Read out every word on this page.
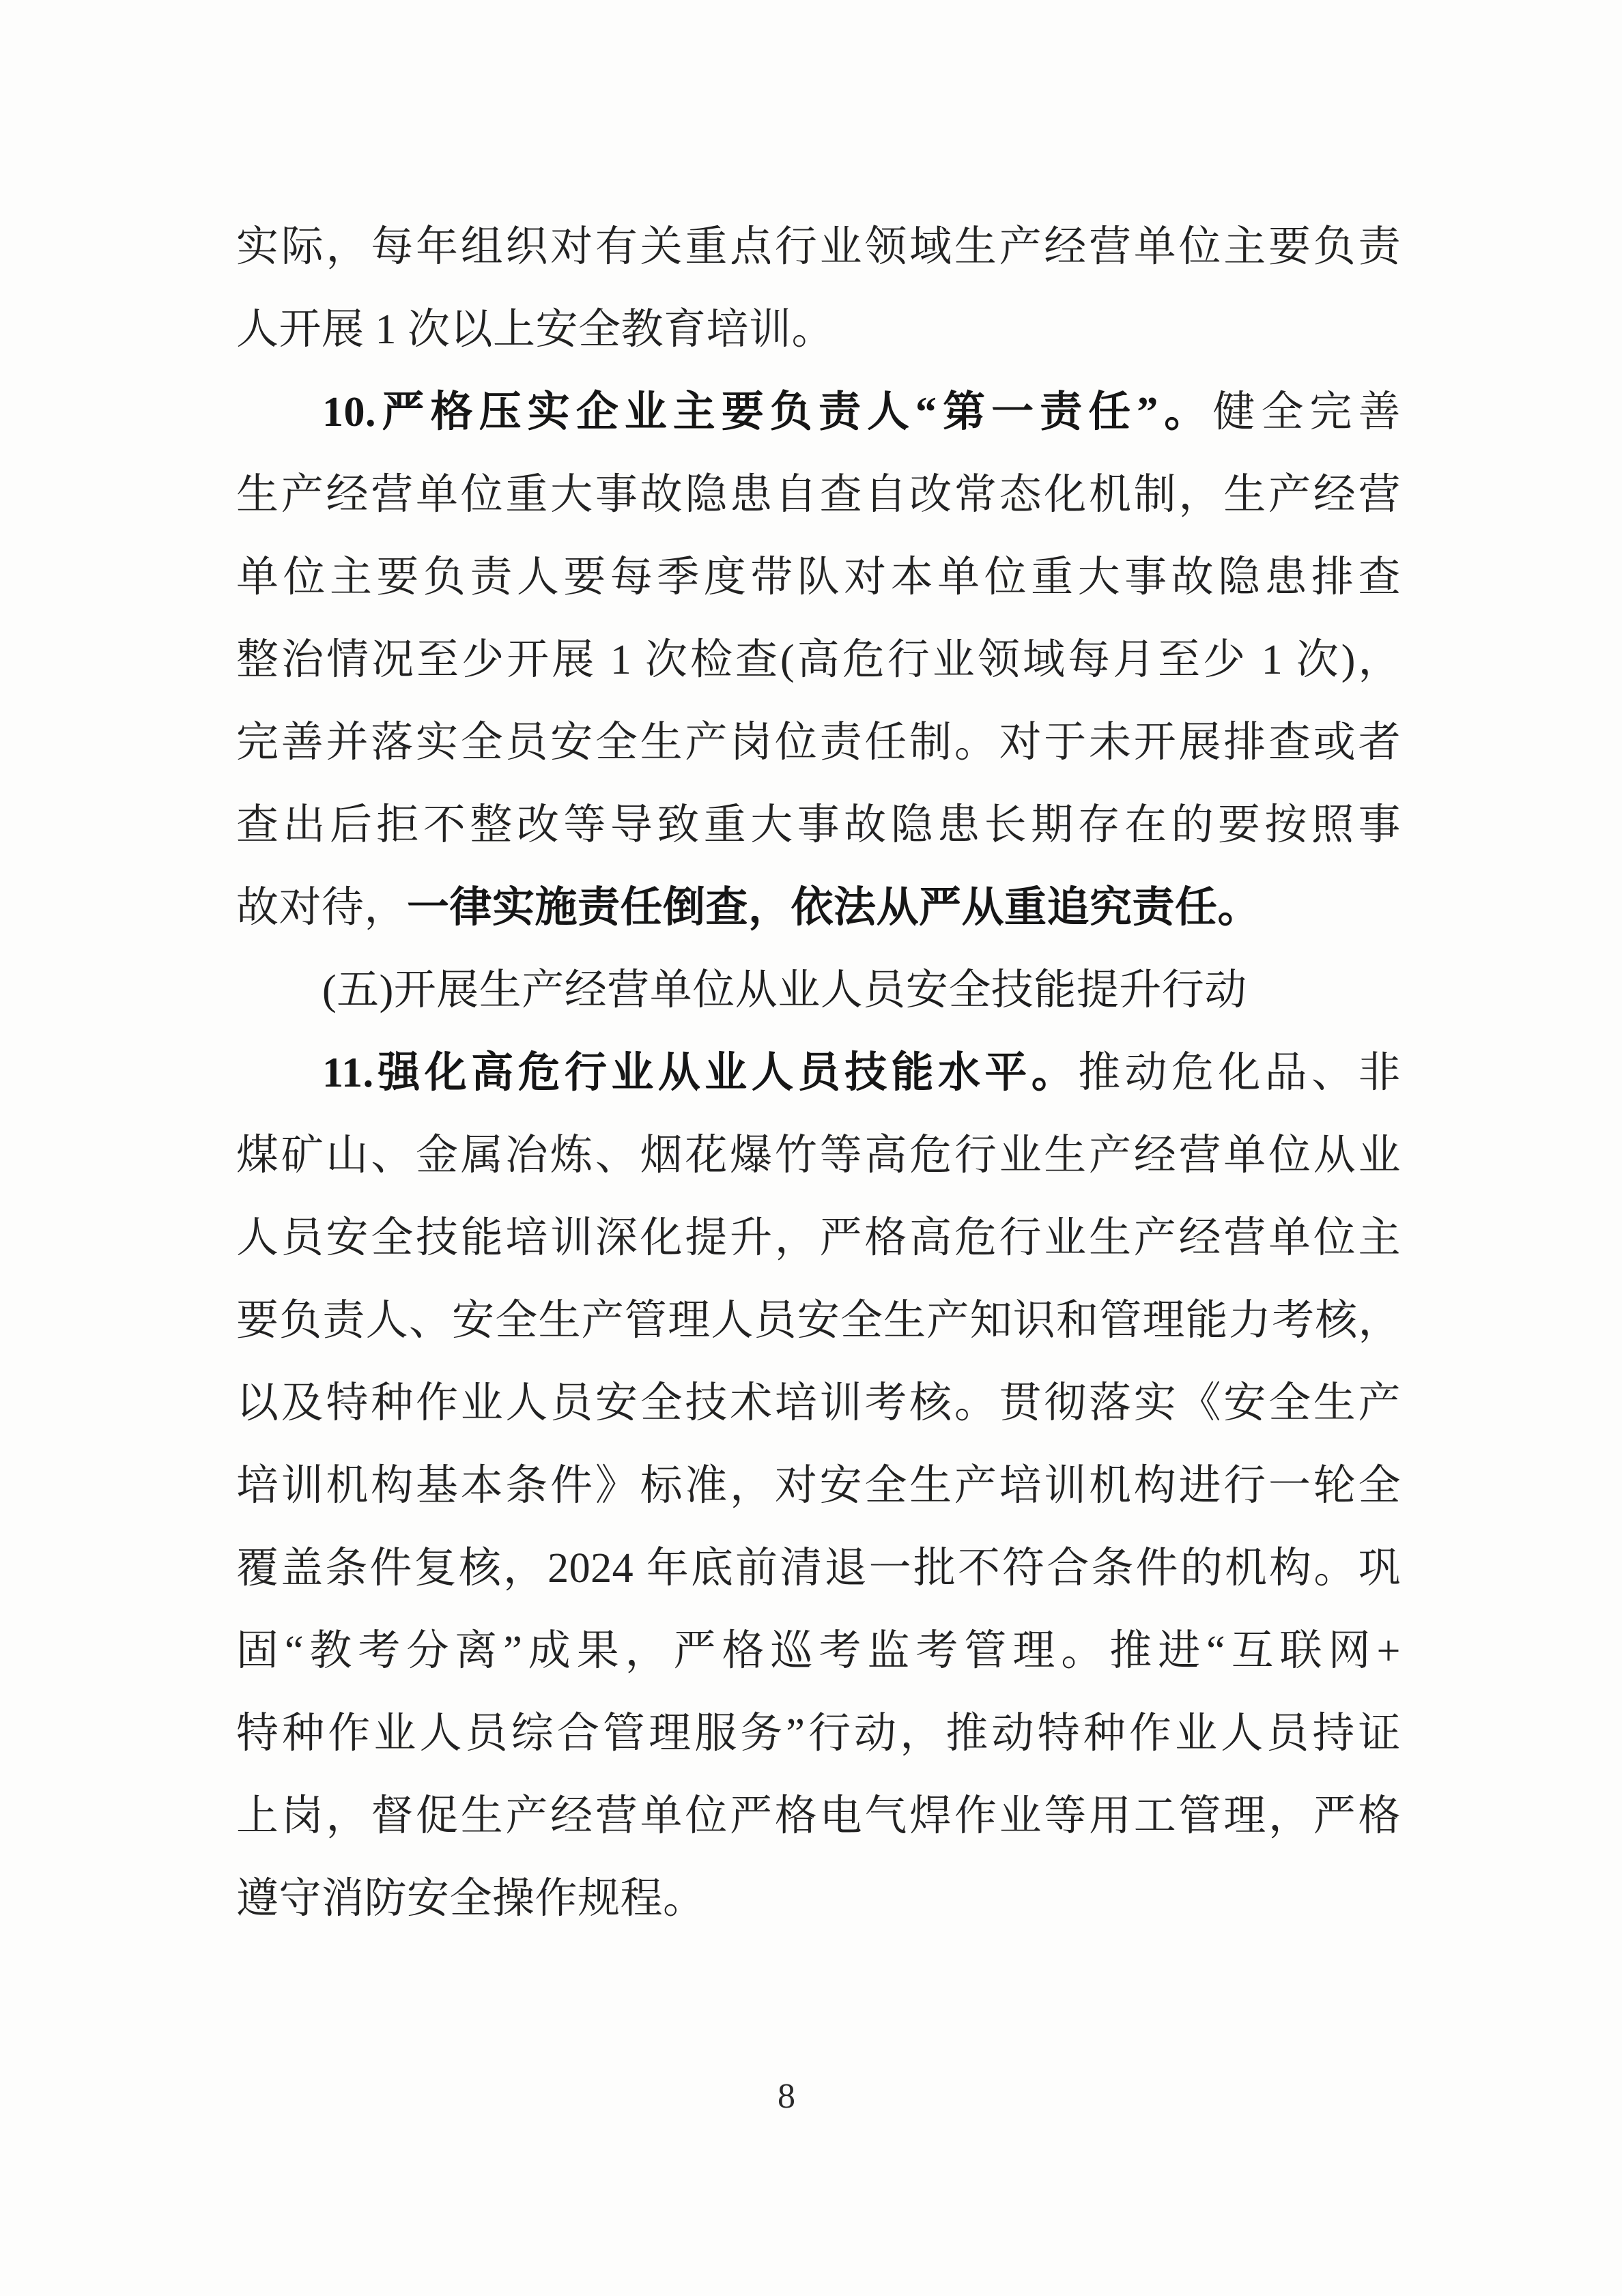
实际，每年组织对有关重点行业领域生产经营单位主要负责
人开展 1 次以上安全教育培训。
10.严格压实企业主要负责人“第一责任”。健全完善
生产经营单位重大事故隐患自查自改常态化机制，生产经营
单位主要负责人要每季度带队对本单位重大事故隐患排查
整治情况至少开展 1 次检查(高危行业领域每月至少 1 次)，
完善并落实全员安全生产岗位责任制。对于未开展排查或者
查出后拒不整改等导致重大事故隐患长期存在的要按照事
故对待，一律实施责任倒查，依法从严从重追究责任。
(五)开展生产经营单位从业人员安全技能提升行动
11.强化高危行业从业人员技能水平。推动危化品、非
煤矿山、金属冶炼、烟花爆竹等高危行业生产经营单位从业
人员安全技能培训深化提升，严格高危行业生产经营单位主
要负责人、安全生产管理人员安全生产知识和管理能力考核，
以及特种作业人员安全技术培训考核。贯彻落实《安全生产
培训机构基本条件》标准，对安全生产培训机构进行一轮全
覆盖条件复核，2024 年底前清退一批不符合条件的机构。巩
固“教考分离”成果，严格巡考监考管理。推进“互联网+
特种作业人员综合管理服务”行动，推动特种作业人员持证
上岗，督促生产经营单位严格电气焊作业等用工管理，严格
遵守消防安全操作规程。
8
